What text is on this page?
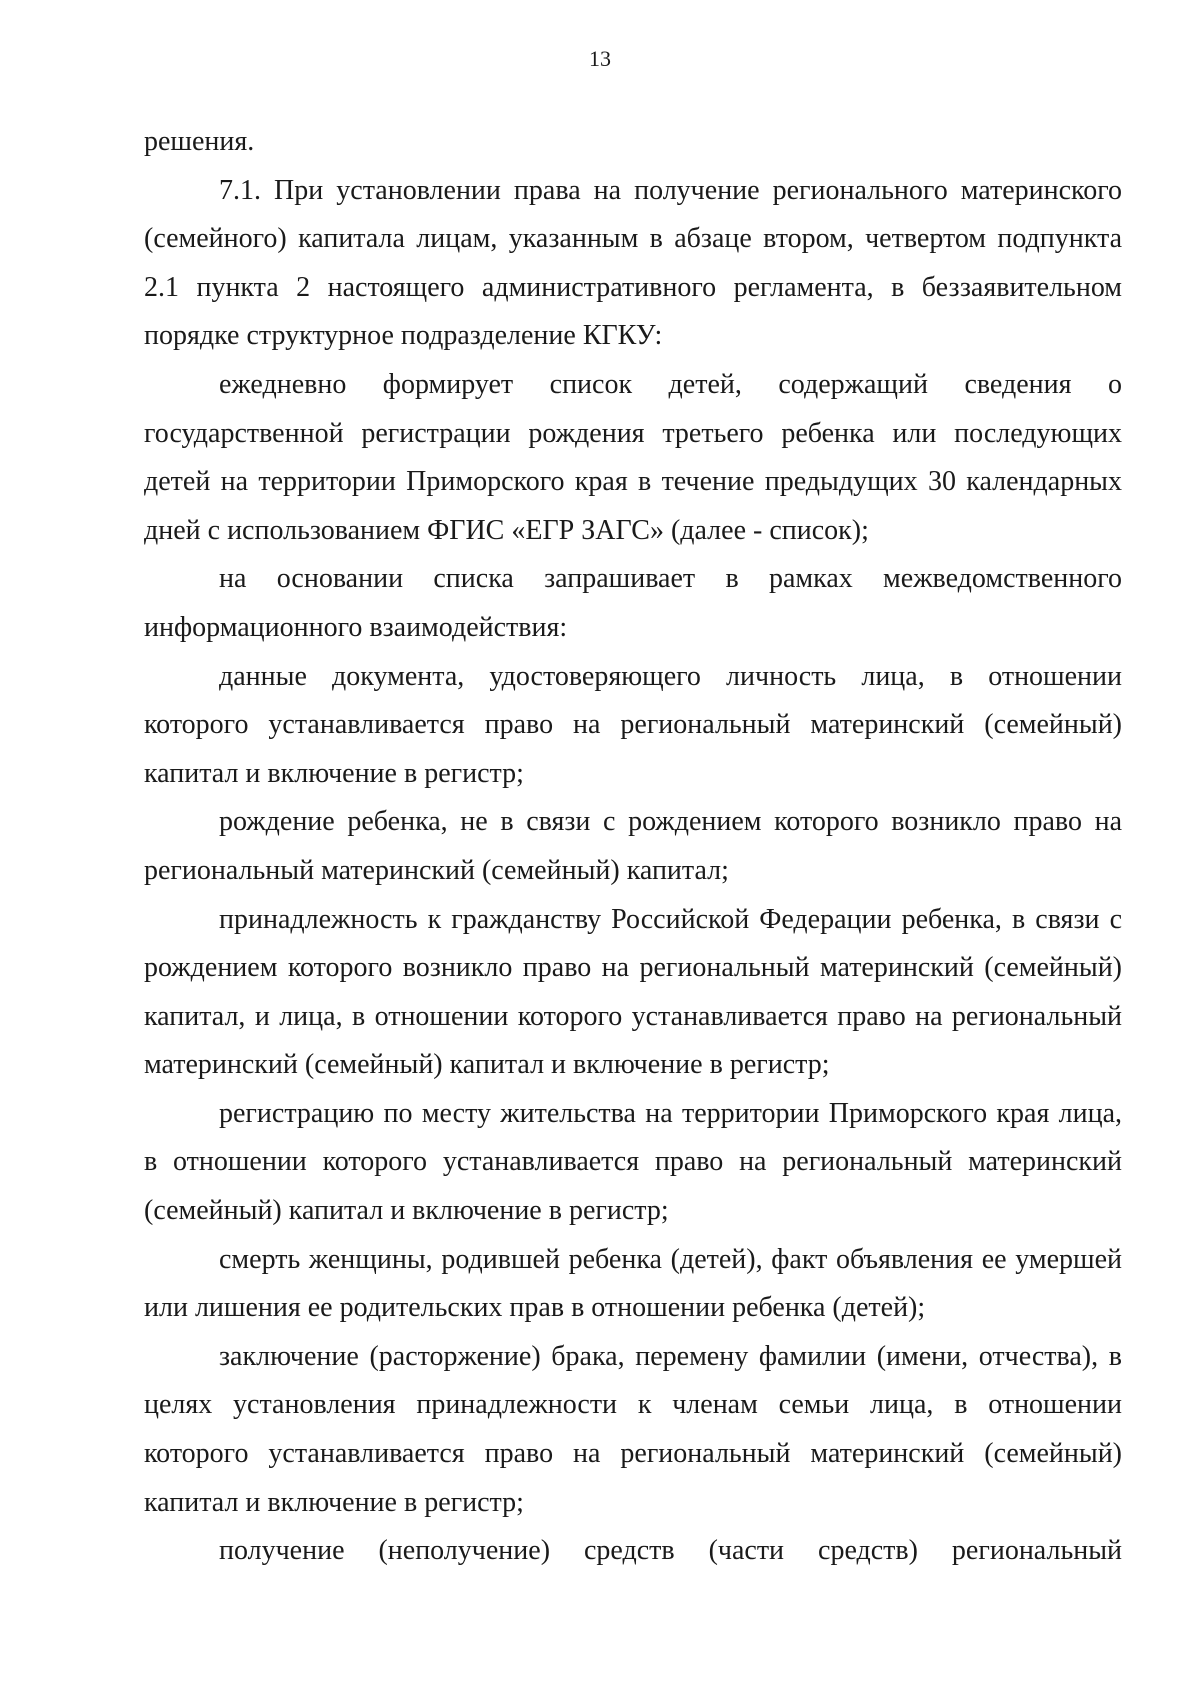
13

решения.

7.1. При установлении права на получение регионального материнского (семейного) капитала лицам, указанным в абзаце втором, четвертом подпункта 2.1 пункта 2 настоящего административного регламента, в беззаявительном порядке структурное подразделение КГКУ:

ежедневно формирует список детей, содержащий сведения о государственной регистрации рождения третьего ребенка или последующих детей на территории Приморского края в течение предыдущих 30 календарных дней с использованием ФГИС «ЕГР ЗАГС» (далее - список);

на основании списка запрашивает в рамках межведомственного информационного взаимодействия:

данные документа, удостоверяющего личность лица, в отношении которого устанавливается право на региональный материнский (семейный) капитал и включение в регистр;

рождение ребенка, не в связи с рождением которого возникло право на региональный материнский (семейный) капитал;

принадлежность к гражданству Российской Федерации ребенка, в связи с рождением которого возникло право на региональный материнский (семейный) капитал, и лица, в отношении которого устанавливается право на региональный материнский (семейный) капитал и включение в регистр;

регистрацию по месту жительства на территории Приморского края лица, в отношении которого устанавливается право на региональный материнский (семейный) капитал и включение в регистр;

смерть женщины, родившей ребенка (детей), факт объявления ее умершей или лишения ее родительских прав в отношении ребенка (детей);

заключение (расторжение) брака, перемену фамилии (имени, отчества), в целях установления принадлежности к членам семьи лица, в отношении которого устанавливается право на региональный материнский (семейный) капитал и включение в регистр;

получение (неполучение) средств (части средств) региональный
